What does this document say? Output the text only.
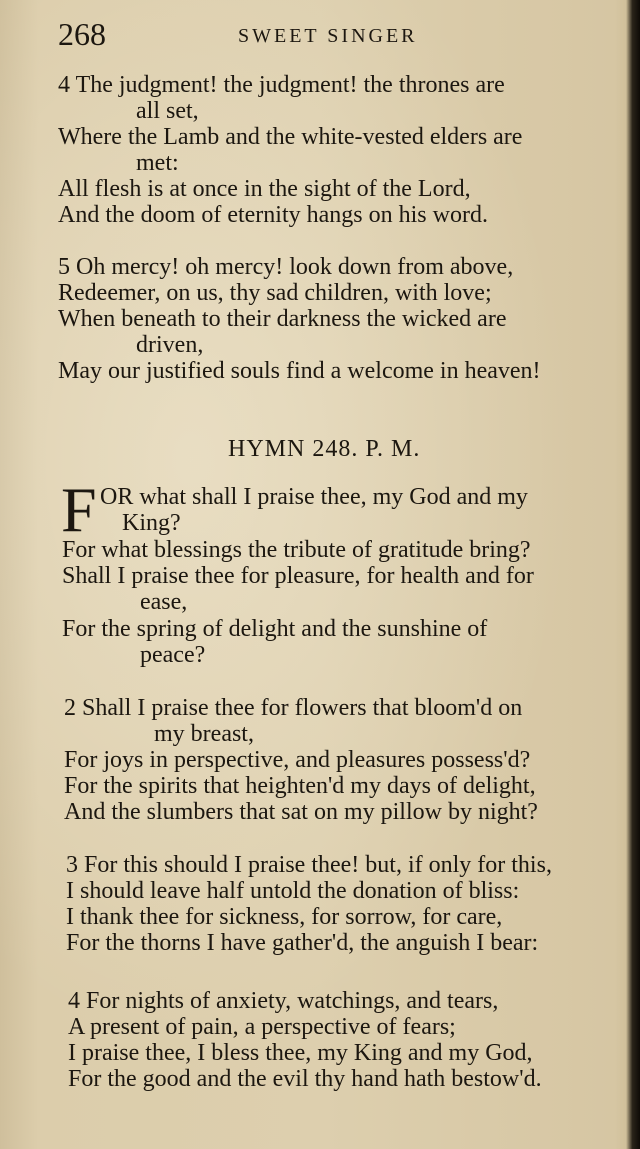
268	SWEET SINGER
4 The judgment! the judgment! the thrones are
all set,
Where the Lamb and the white-vested elders are
met:
All flesh is at once in the sight of the Lord,
And the doom of eternity hangs on his word.
5 Oh mercy! oh mercy! look down from above,
Redeemer, on us, thy sad children, with love;
When beneath to their darkness the wicked are
driven,
May our justified souls find a welcome in heaven!
HYMN 248. P. M.
F OR what shall I praise thee, my God and my
King?
For what blessings the tribute of gratitude bring?
Shall I praise thee for pleasure, for health and for
ease,
For the spring of delight and the sunshine of
peace?
2 Shall I praise thee for flowers that bloom'd on
my breast,
For joys in perspective, and pleasures possess'd?
For the spirits that heighten'd my days of delight,
And the slumbers that sat on my pillow by night?
3 For this should I praise thee! but, if only for this,
I should leave half untold the donation of bliss:
I thank thee for sickness, for sorrow, for care,
For the thorns I have gather'd, the anguish I bear:
4 For nights of anxiety, watchings, and tears,
A present of pain, a perspective of fears;
I praise thee, I bless thee, my King and my God,
For the good and the evil thy hand hath bestow'd.
